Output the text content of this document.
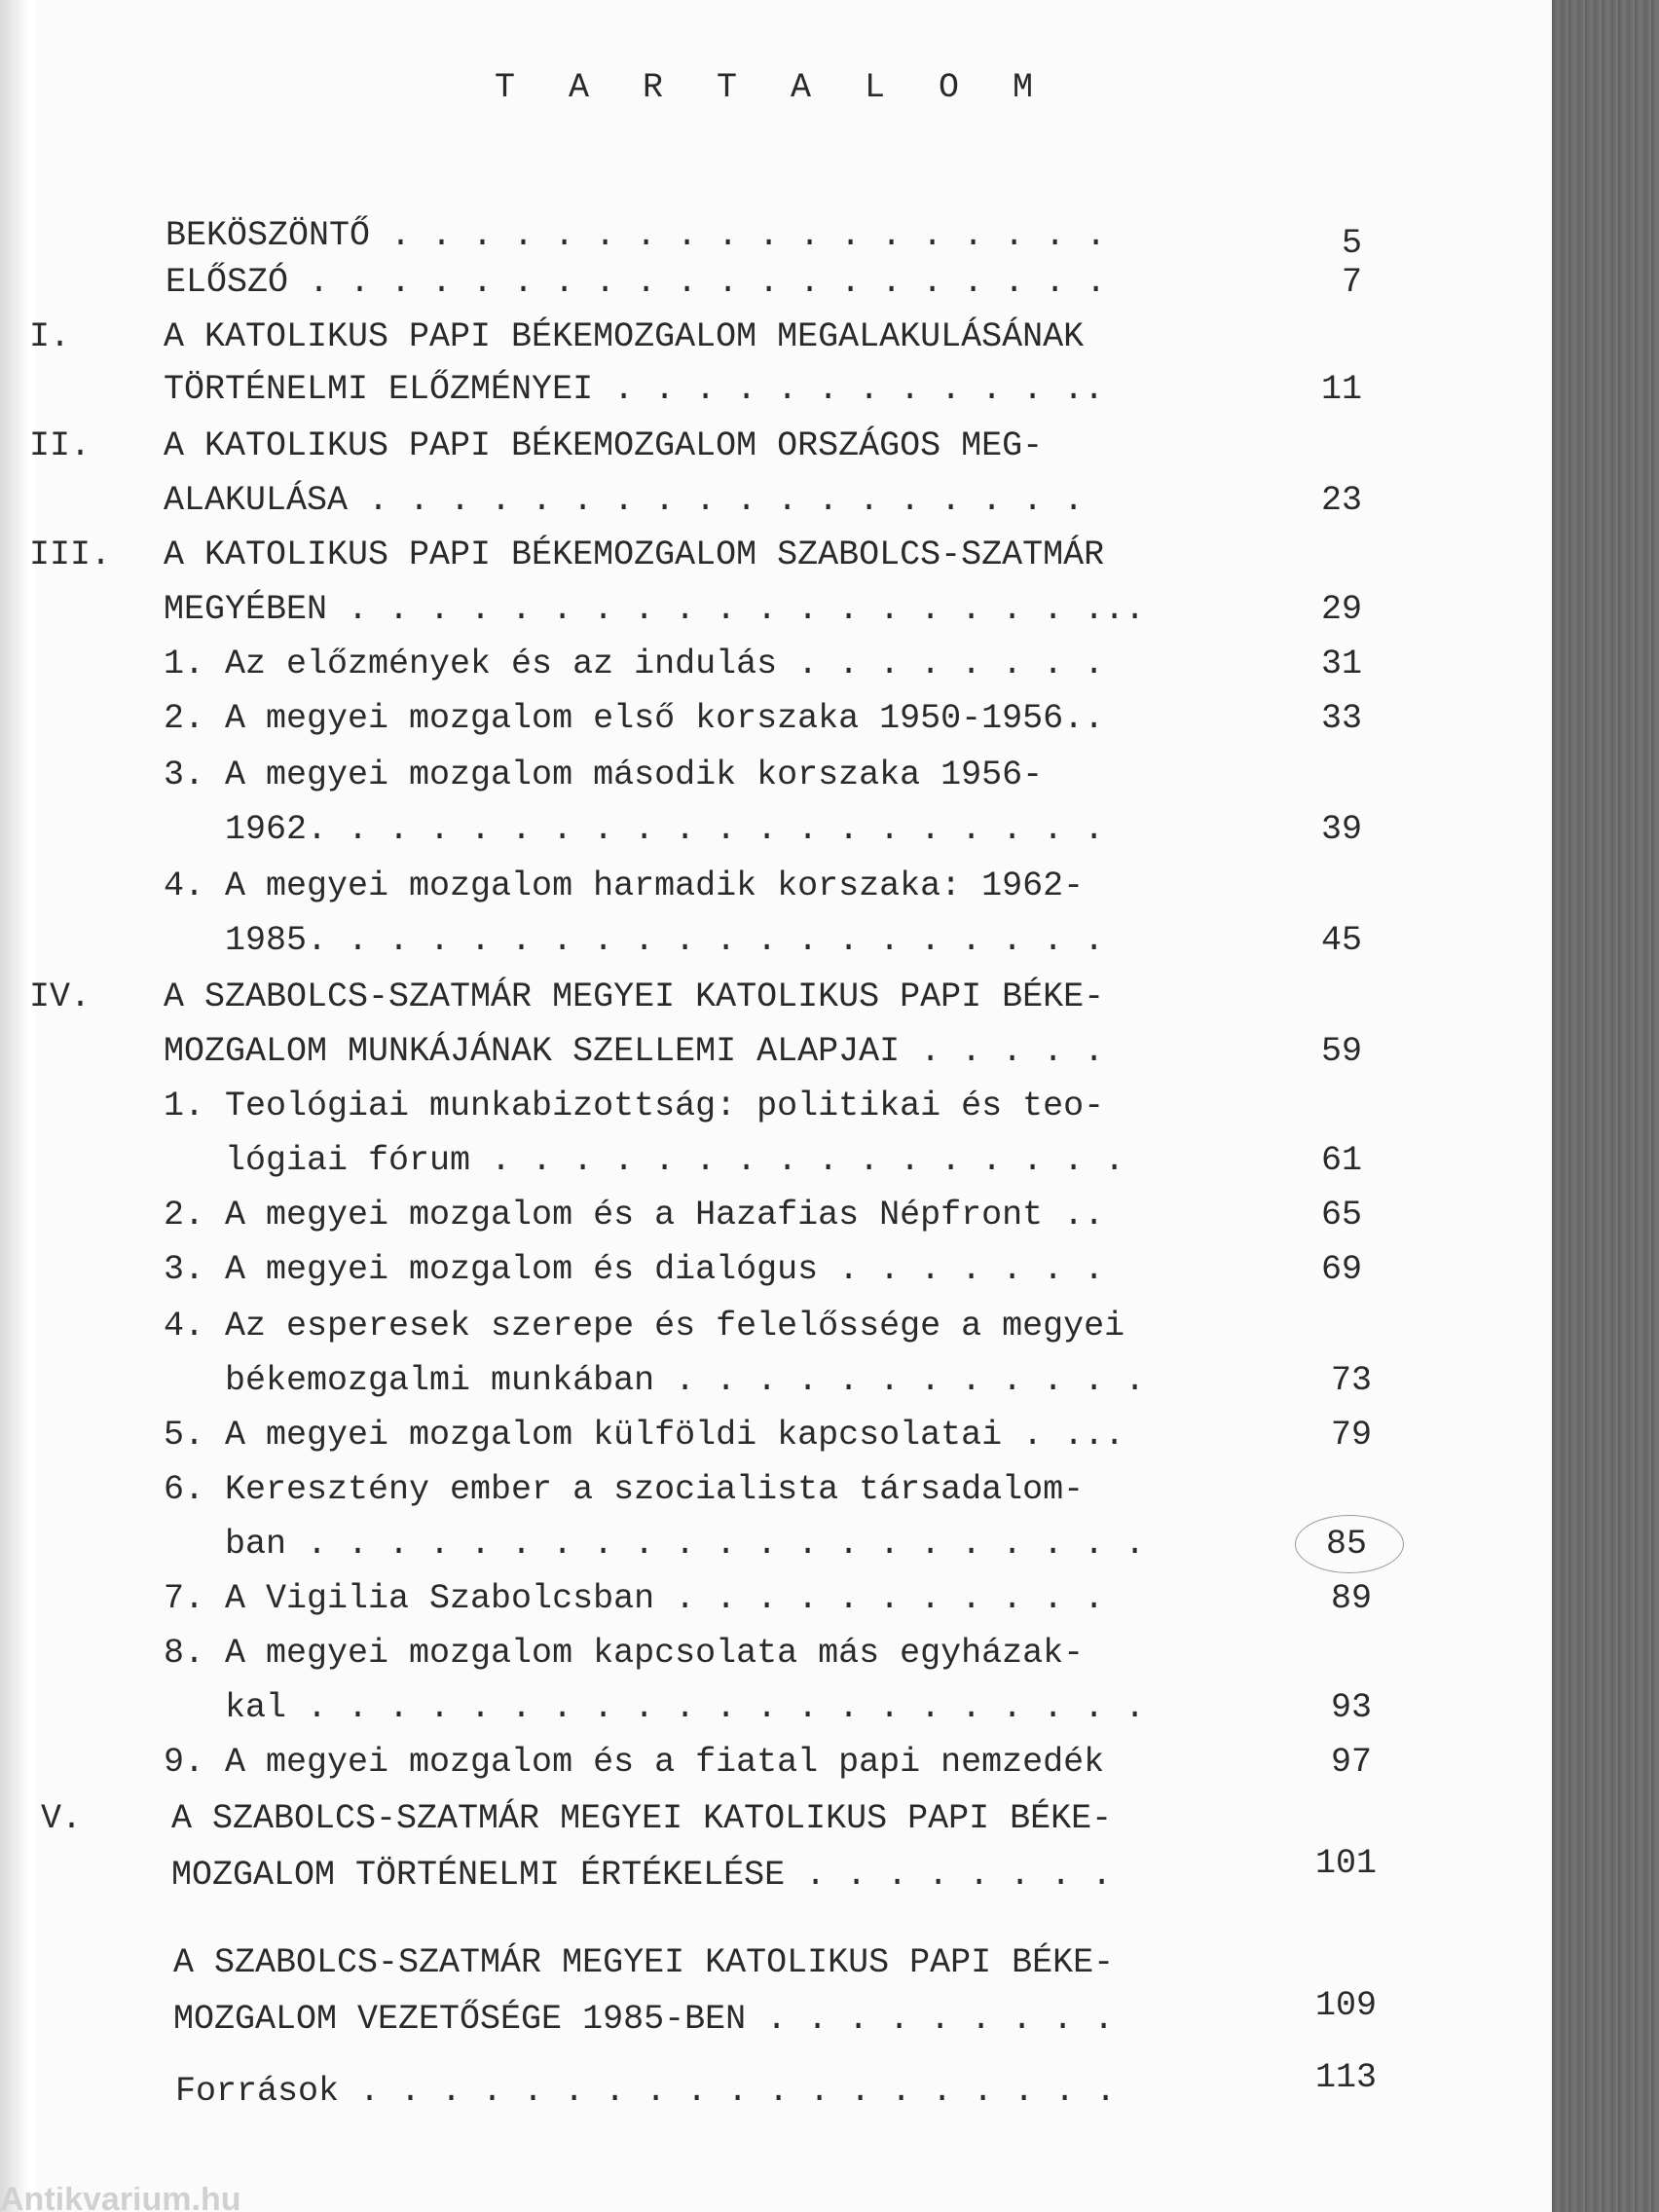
T A R T A L O M
BEKÖSZÖNTŐ . . . . . . . . . . . . . . . . . .	5
ELŐSZÓ . . . . . . . . . . . . . . . . . . . .	7
I.	A KATOLIKUS PAPI BÉKEMOZGALOM MEGALAKULÁSÁNAK
TÖRTÉNELMI ELŐZMÉNYEI . . . . . . . . . . . ..	11
II. A KATOLIKUS PAPI BÉKEMOZGALOM ORSZÁGOS MEG-
ALAKULÁSA . . . . . . . . . . . . . . . . . .	23
III. A KATOLIKUS PAPI BÉKEMOZGALOM SZABOLCS-SZATMÁR
MEGYÉBEN . . . . . . . . . . . . . . . . . . ...	29
1. Az előzmények és az indulás . . . . . . . .	31
2. A megyei mozgalom első korszaka 1950-1956..	33
3. A megyei mozgalom második korszaka 1956-
1962. . . . . . . . . . . . . . . . . . . .	39
4. A megyei mozgalom harmadik korszaka: 1962-
1985. . . . . . . . . . . . . . . . . . . .	45
IV. A SZABOLCS-SZATMÁR MEGYEI KATOLIKUS PAPI BÉKE-
MOZGALOM MUNKÁJÁNAK SZELLEMI ALAPJAI . . . . .	59
1. Teológiai munkabizottság: politikai és teo-
lógiai fórum . . . . . . . . . . . . . . . .	61
2. A megyei mozgalom és a Hazafias Népfront ..	65
3. A megyei mozgalom és dialógus . . . . . . .	69
4. Az esperesek szerepe és felelőssége a megyei
békemozgalmi munkában . . . . . . . . . . . .	73
5. A megyei mozgalom külföldi kapcsolatai . ...	79
6. Keresztény ember a szocialista társadalom-
ban . . . . . . . . . . . . . . . . . . . . .	85
7. A Vigilia Szabolcsban . . . . . . . . . . .	89
8. A megyei mozgalom kapcsolata más egyházak-
kal . . . . . . . . . . . . . . . . . . . . .	93
9. A megyei mozgalom és a fiatal papi nemzedék	97
V.	A SZABOLCS-SZATMÁR MEGYEI KATOLIKUS PAPI BÉKE-
MOZGALOM TÖRTÉNELMI ÉRTÉKELÉSE . . . . . . . .	101
A SZABOLCS-SZATMÁR MEGYEI KATOLIKUS PAPI BÉKE-
MOZGALOM VEZETŐSÉGE 1985-BEN . . . . . . . . .	109
Források . . . . . . . . . . . . . . . . . . .	113
Antikvarium.hu
